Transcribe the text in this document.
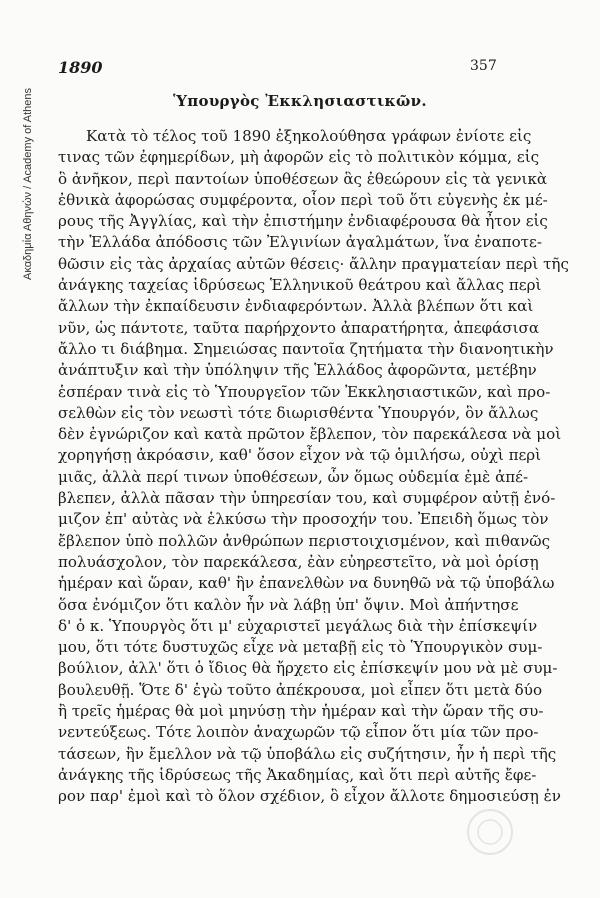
Ακαδημία Αθηνών / Academy of Athens
1890	357
Ὑπουργὸς Ἐκκλησιαστικῶν.
Κατὰ τὸ τέλος τοῦ 1890 ἐξηκολούθησα γράφων ἐνίοτε εἰς
τινας τῶν ἐφημερίδων, μὴ ἀφορῶν εἰς τὸ πολιτικὸν κόμμα, εἰς
ὃ ἀνῆκον, περὶ παντοίων ὑποθέσεων ἃς ἐθεώρουν εἰς τὰ γενικὰ
ἐθνικὰ ἀφορώσας συμφέροντα, οἷον περὶ τοῦ ὅτι εὐγενὴς ἐκ μέ-
ρους τῆς Ἀγγλίας, καὶ τὴν ἐπιστήμην ἐνδιαφέρουσα θὰ ἦτον εἰς
τὴν Ἑλλάδα ἀπόδοσις τῶν Ἐλγινίων ἀγαλμάτων, ἵνα ἐναποτε-
θῶσιν εἰς τὰς ἀρχαίας αὐτῶν θέσεις· ἄλλην πραγματείαν περὶ τῆς
ἀνάγκης ταχείας ἱδρύσεως Ἑλληνικοῦ θεάτρου καὶ ἄλλας περὶ
ἄλλων τὴν ἐκπαίδευσιν ἐνδιαφερόντων. Ἀλλὰ βλέπων ὅτι καὶ
νῦν, ὡς πάντοτε, ταῦτα παρήρχοντο ἀπαρατήρητα, ἀπεφάσισα
ἄλλο τι διάβημα. Σημειώσας παντοῖα ζητήματα τὴν διανοητικὴν
ἀνάπτυξιν καὶ τὴν ὑπόληψιν τῆς Ἑλλάδος ἀφορῶντα, μετέβην
ἑσπέραν τινὰ εἰς τὸ Ὑπουργεῖον τῶν Ἐκκλησιαστικῶν, καὶ προ-
σελθὼν εἰς τὸν νεωστὶ τότε διωρισθέντα Ὑπουργόν, ὃν ἄλλως
δὲν ἐγνώριζον καὶ κατὰ πρῶτον ἔβλεπον, τὸν παρεκάλεσα νὰ μοὶ
χορηγήσῃ ἀκρόασιν, καθ' ὅσον εἶχον νὰ τῷ ὁμιλήσω, οὐχὶ περὶ
μιᾶς, ἀλλὰ περί τινων ὑποθέσεων, ὧν ὅμως οὐδεμία ἐμὲ ἀπέ-
βλεπεν, ἀλλὰ πᾶσαν τὴν ὑπηρεσίαν του, καὶ συμφέρον αὐτῇ ἐνό-
μιζον ἐπ' αὐτὰς νὰ ἑλκύσω τὴν προσοχήν του. Ἐπειδὴ ὅμως τὸν
ἔβλεπον ὑπὸ πολλῶν ἀνθρώπων περιστοιχισμένον, καὶ πιθανῶς
πολυάσχολον, τὸν παρεκάλεσα, ἐὰν εὐηρεστεῖτο, νὰ μοὶ ὁρίσῃ
ἡμέραν καὶ ὥραν, καθ' ἣν ἐπανελθὼν να δυνηθῶ νὰ τῷ ὑποβάλω
ὅσα ἐνόμιζον ὅτι καλὸν ἦν νὰ λάβῃ ὑπ' ὄψιν. Μοὶ ἀπήντησε
δ' ὁ κ. Ὑπουργὸς ὅτι μ' εὐχαριστεῖ μεγάλως διὰ τὴν ἐπίσκεψίν
μου, ὅτι τότε δυστυχῶς εἶχε νὰ μεταβῇ εἰς τὸ Ὑπουργικὸν συμ-
βούλιον, ἀλλ' ὅτι ὁ ἴδιος θὰ ἤρχετο εἰς ἐπίσκεψίν μου νὰ μὲ συμ-
βουλευθῇ. Ὅτε δ' ἐγὼ τοῦτο ἀπέκρουσα, μοὶ εἶπεν ὅτι μετὰ δύο
ἢ τρεῖς ἡμέρας θὰ μοὶ μηνύσῃ τὴν ἡμέραν καὶ τὴν ὥραν τῆς συ-
νεντεύξεως. Τότε λοιπὸν ἀναχωρῶν τῷ εἶπον ὅτι μία τῶν προ-
τάσεων, ἣν ἔμελλον νὰ τῷ ὑποβάλω εἰς συζήτησιν, ἦν ἡ περὶ τῆς
ἀνάγκης τῆς ἱδρύσεως τῆς Ἀκαδημίας, καὶ ὅτι περὶ αὐτῆς ἔφε-
ρον παρ' ἐμοὶ καὶ τὸ ὅλον σχέδιον, ὃ εἶχον ἄλλοτε δημοσιεύσῃ ἐν
